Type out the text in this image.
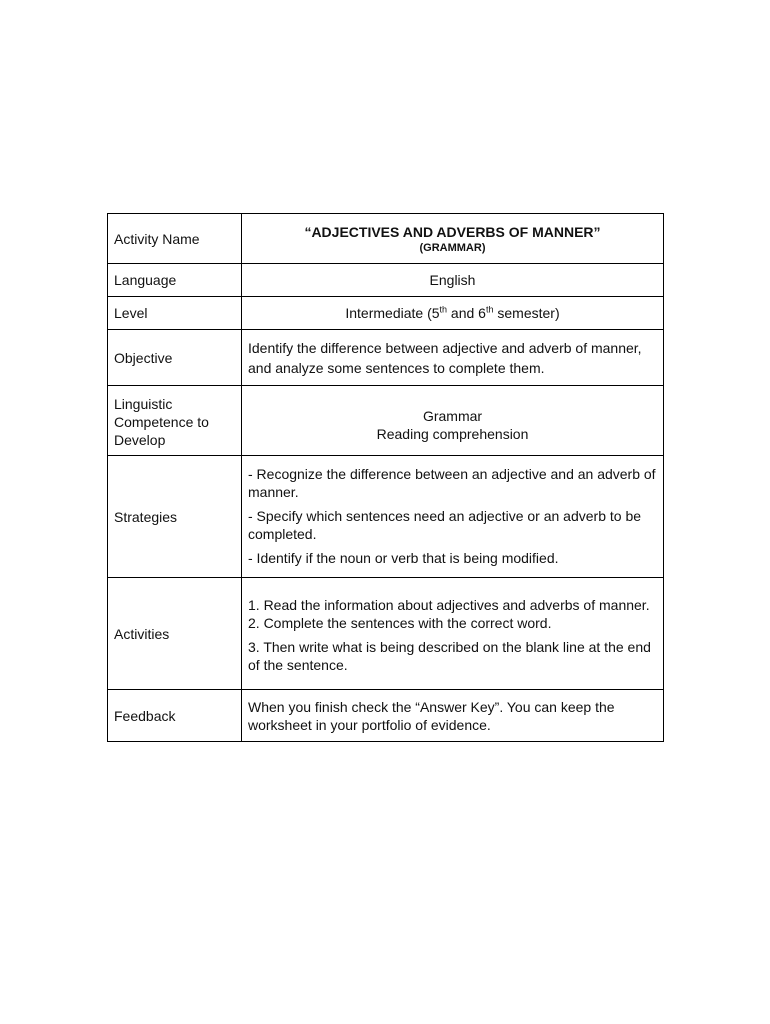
Activity Name	“ADJECTIVES AND ADVERBS OF MANNER”
(GRAMMAR)

Language	English
Level	Intermediate (5th and 6th semester)
Objective	Identify the difference between adjective and adverb of manner, and analyze some sentences to complete them.
Linguistic Competence to Develop	Grammar
Reading comprehension

Strategies	- Recognize the difference between an adjective and an adverb of manner.

- Specify which sentences need an adjective or an adverb to be completed.

- Identify if the noun or verb that is being modified.

Activities	1. Read the information about adjectives and adverbs of manner.
2. Complete the sentences with the correct word.

3. Then write what is being described on the blank line at the end of the sentence.

Feedback	When you finish check the “Answer Key”. You can keep the worksheet in your portfolio of evidence.
